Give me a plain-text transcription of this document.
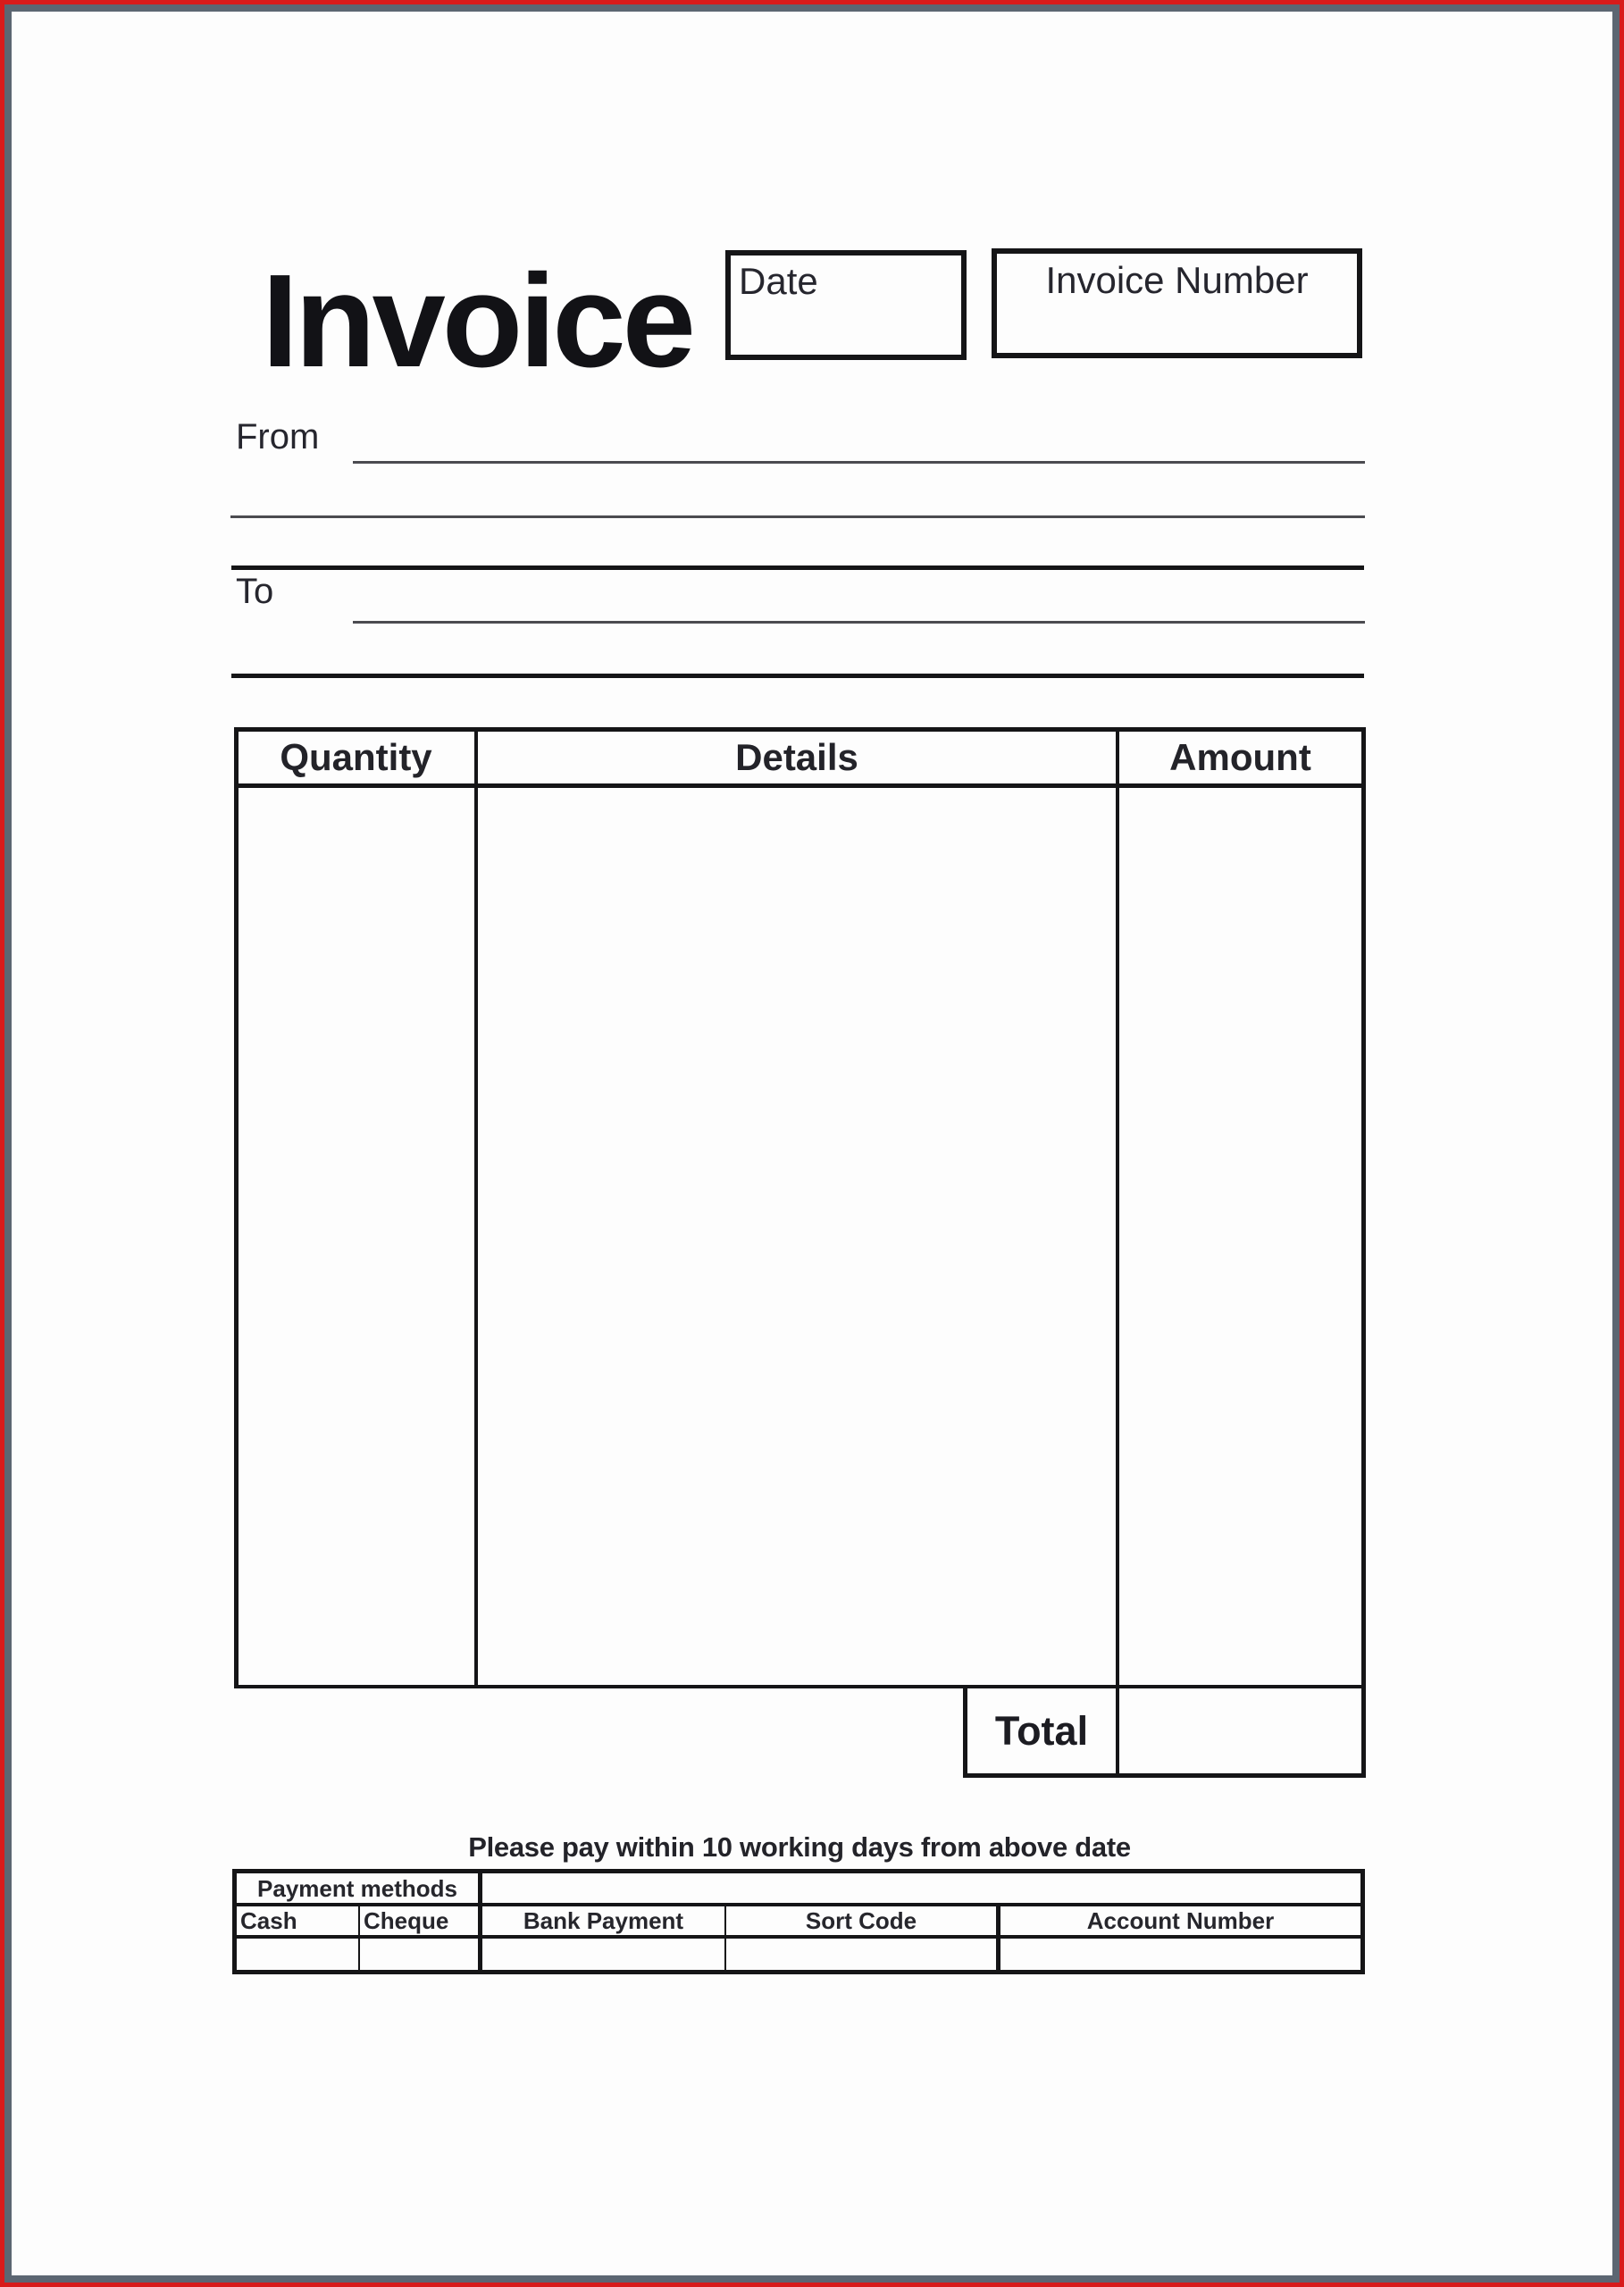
Invoice	Date	Invoice Number
From
To
Quantity	Details	Amount
Total
Please pay within 10 working days from above date
Payment methods
Cash	Cheque	Bank Payment	Sort Code	Account Number
